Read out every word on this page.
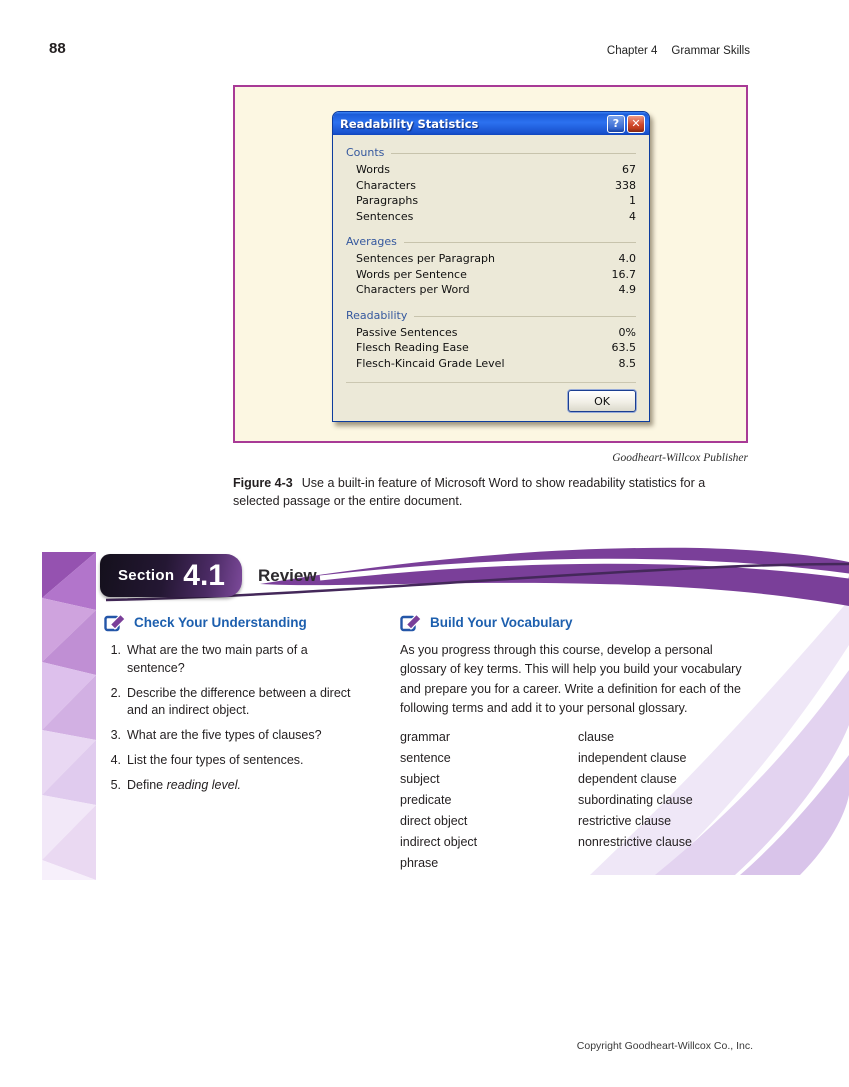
88	Chapter 4 Grammar Skills
Readability Statistics	?	✕
Counts
Words	67
Characters	338
Paragraphs	1
Sentences	4
Averages
Sentences per Paragraph	4.0
Words per Sentence	16.7
Characters per Word	4.9
Readability
Passive Sentences	0%
Flesch Reading Ease	63.5
Flesch-Kincaid Grade Level	8.5
OK
Goodheart-Willcox Publisher
Figure 4-3 Use a built-in feature of Microsoft Word to show readability statistics for a selected passage or the entire document.
Section 4.1 Review
Check Your Understanding
1. What are the two main parts of a sentence?
2. Describe the difference between a direct and an indirect object.
3. What are the five types of clauses?
4. List the four types of sentences.
5. Define reading level.
Build Your Vocabulary

As you progress through this course, develop a personal glossary of key terms. This will help you build your vocabulary and prepare you for a career. Write a definition for each of the following terms and add it to your personal glossary.

grammar
sentence
subject
predicate
direct object
indirect object
phrase
clause
independent clause
dependent clause
subordinating clause
restrictive clause
nonrestrictive clause
Copyright Goodheart-Willcox Co., Inc.
